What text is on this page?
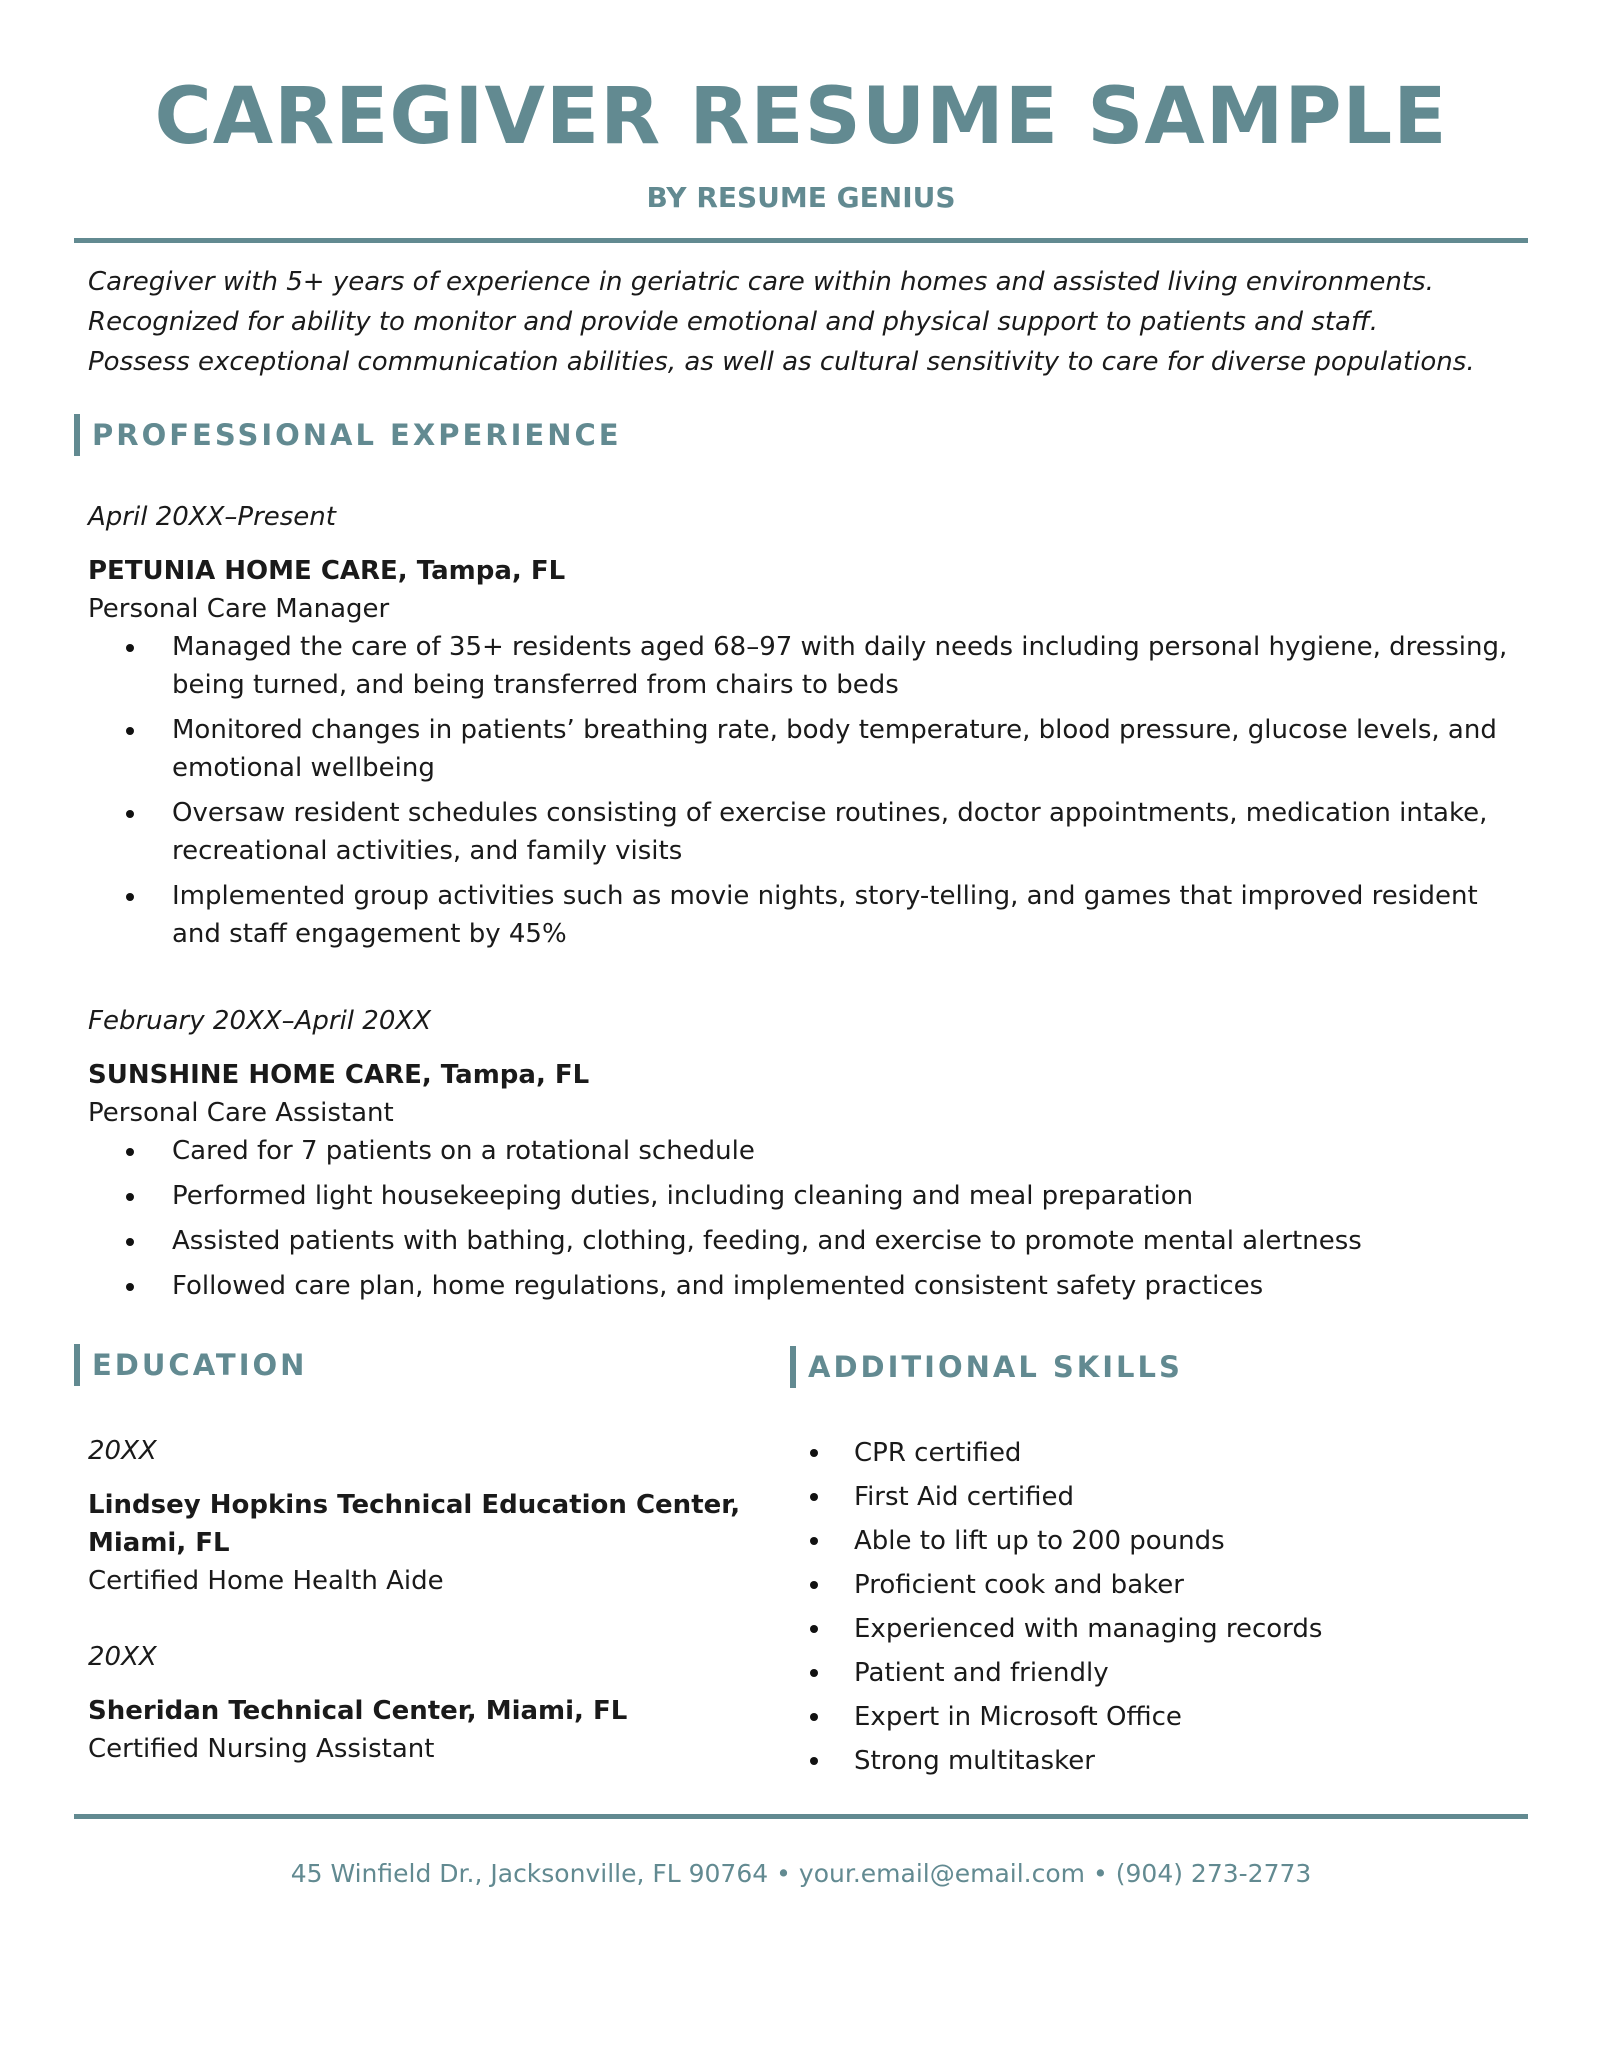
CAREGIVER RESUME SAMPLE
BY RESUME GENIUS
Caregiver with 5+ years of experience in geriatric care within homes and assisted living environments. Recognized for ability to monitor and provide emotional and physical support to patients and staff. Possess exceptional communication abilities, as well as cultural sensitivity to care for diverse populations.
PROFESSIONAL EXPERIENCE

April 20XX–Present

PETUNIA HOME CARE, Tampa, FL

Personal Care Manager

Managed the care of 35+ residents aged 68–97 with daily needs including personal hygiene, dressing, being turned, and being transferred from chairs to beds
Monitored changes in patients’ breathing rate, body temperature, blood pressure, glucose levels, and emotional wellbeing
Oversaw resident schedules consisting of exercise routines, doctor appointments, medication intake, recreational activities, and family visits
Implemented group activities such as movie nights, story-telling, and games that improved resident and staff engagement by 45%

February 20XX–April 20XX

SUNSHINE HOME CARE, Tampa, FL

Personal Care Assistant

Cared for 7 patients on a rotational schedule
Performed light housekeeping duties, including cleaning and meal preparation
Assisted patients with bathing, clothing, feeding, and exercise to promote mental alertness
Followed care plan, home regulations, and implemented consistent safety practices
EDUCATION

20XX

Lindsey Hopkins Technical Education Center, Miami, FL

Certified Home Health Aide

20XX

Sheridan Technical Center, Miami, FL

Certified Nursing Assistant

ADDITIONAL SKILLS
CPR certified
First Aid certified
Able to lift up to 200 pounds
Proficient cook and baker
Experienced with managing records
Patient and friendly
Expert in Microsoft Office
Strong multitasker
45 Winfield Dr., Jacksonville, FL 90764 • your.email@email.com • (904) 273-2773
